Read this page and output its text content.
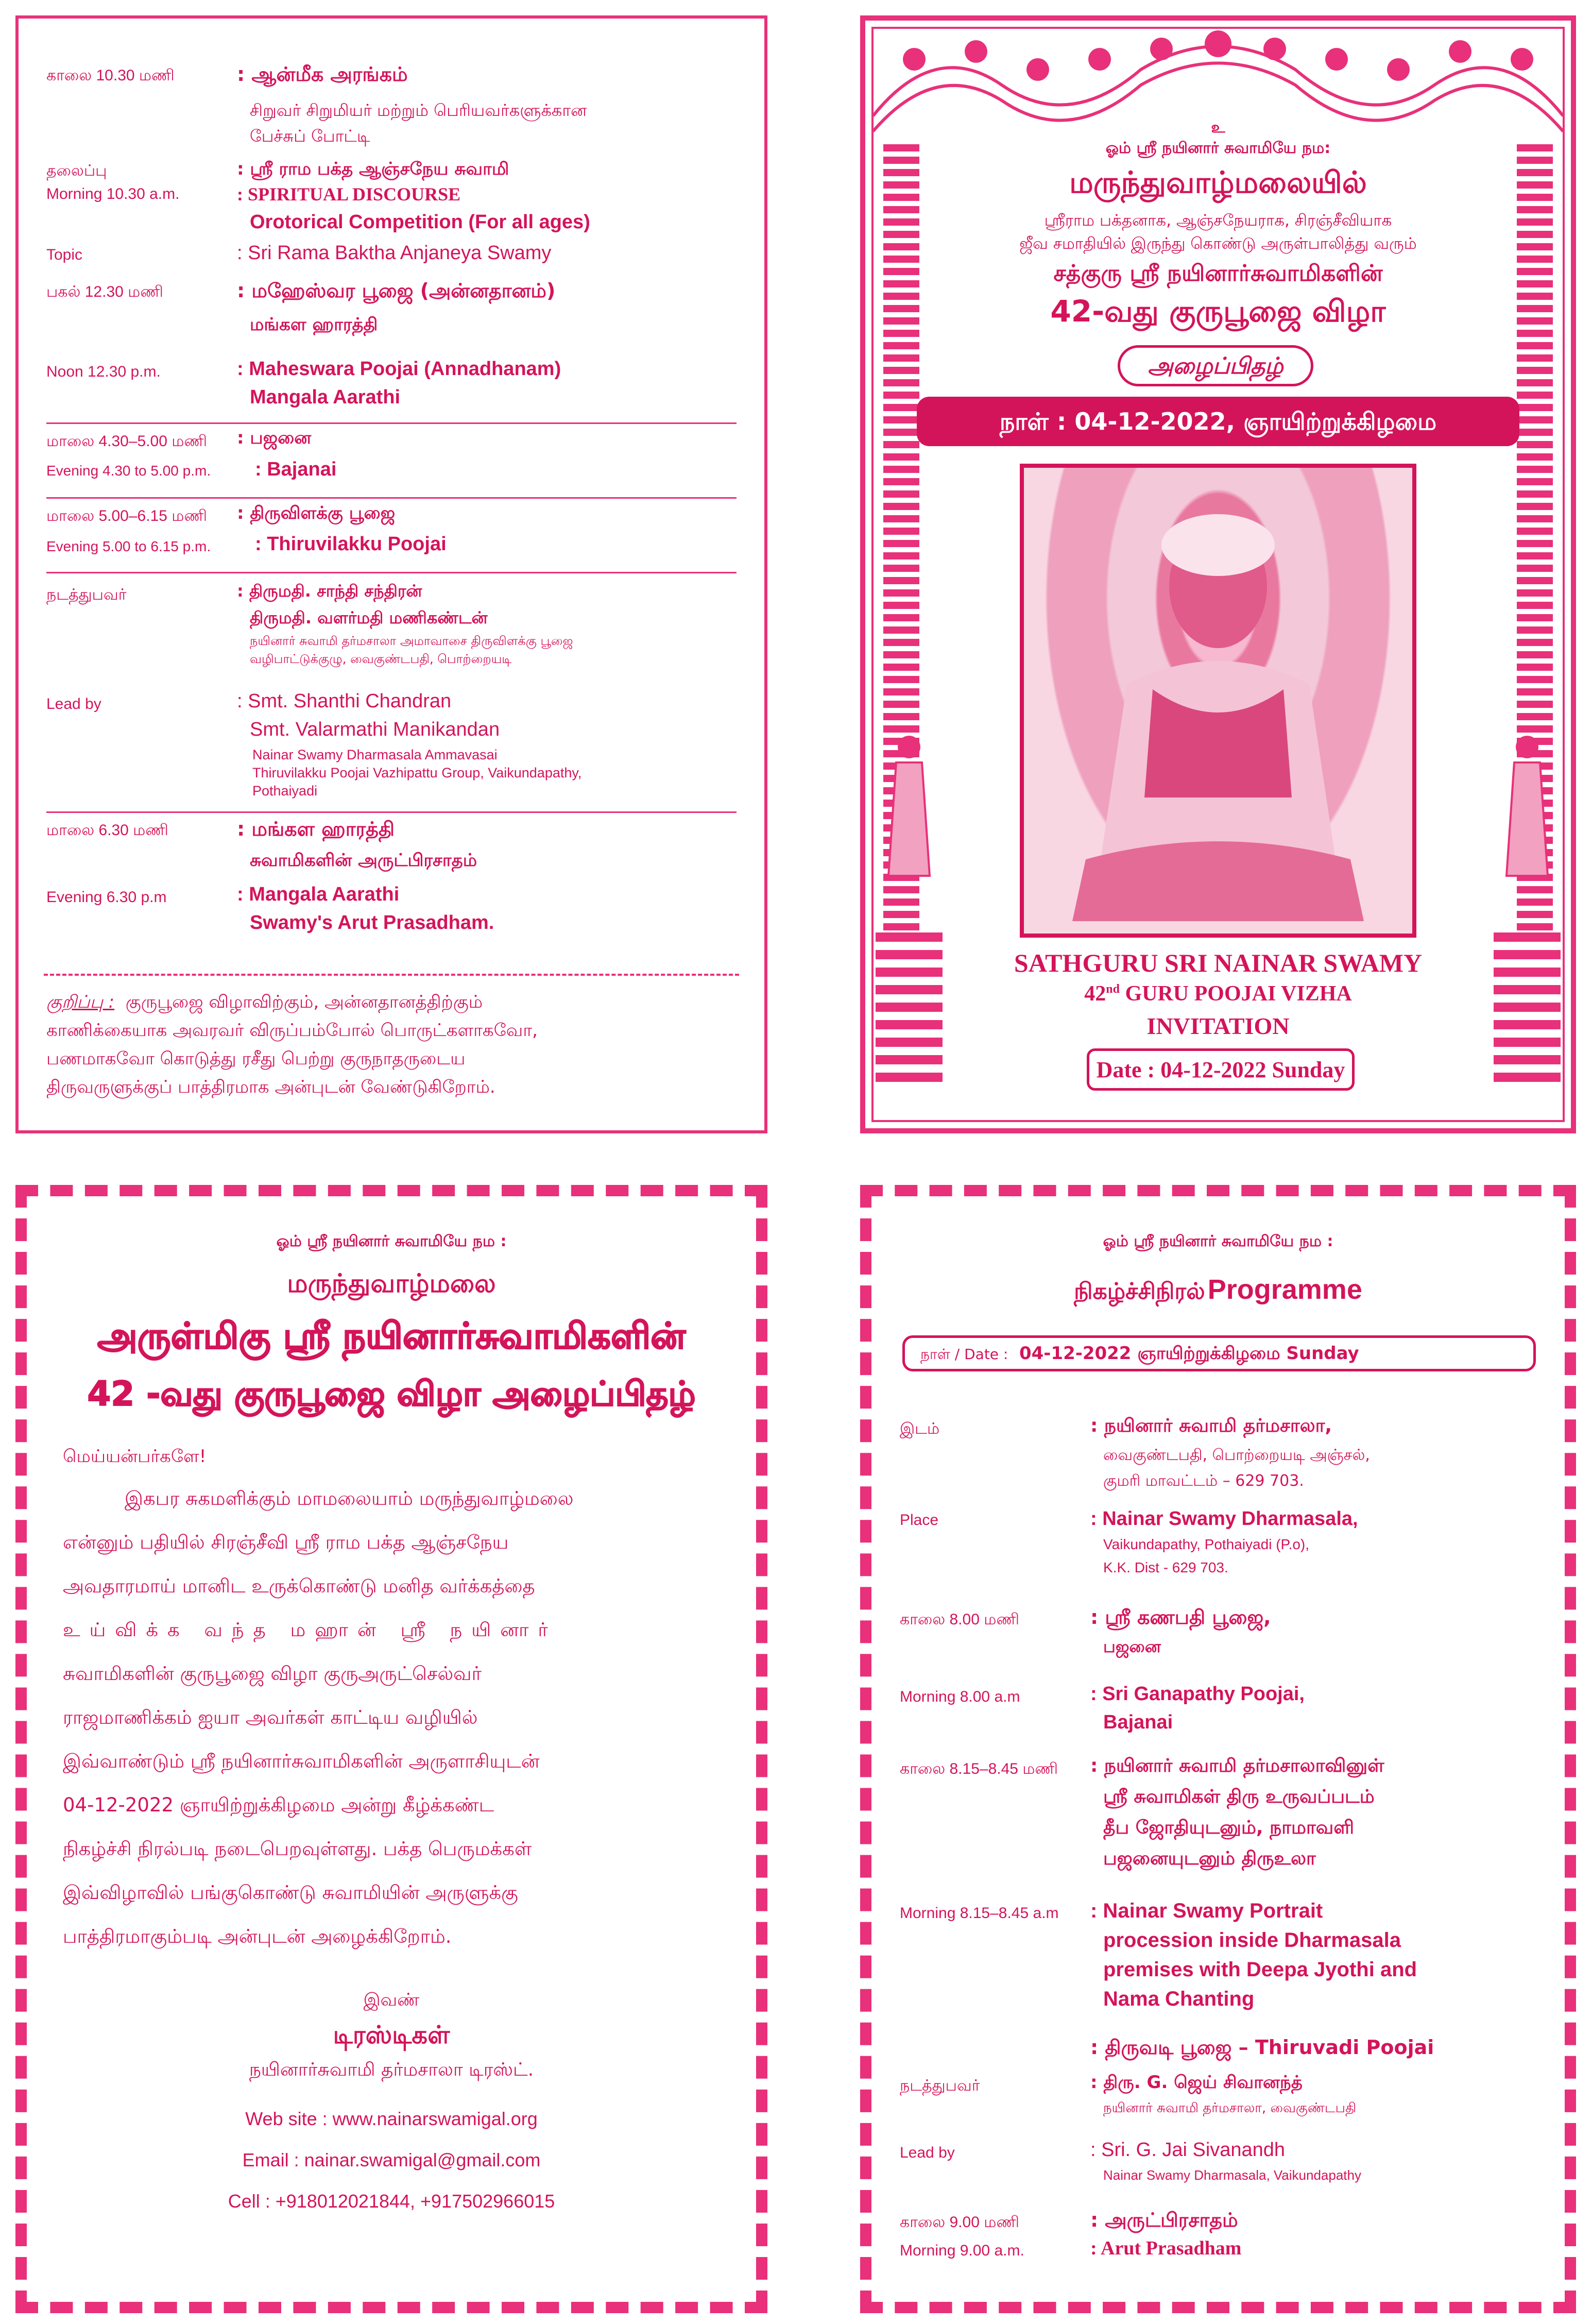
காலை 10.30 மணி	: ஆன்மீக அரங்கம்
சிறுவர் சிறுமியர் மற்றும் பெரியவர்களுக்கான
பேச்சுப் போட்டி
தலைப்பு	: ஸ்ரீ ராம பக்த ஆஞ்சநேய சுவாமி
Morning 10.30 a.m.	: SPIRITUAL DISCOURSE
Orotorical Competition (For all ages)
Topic	: Sri Rama Baktha Anjaneya Swamy
பகல் 12.30 மணி	: மஹேஸ்வர பூஜை (அன்னதானம்)
மங்கள ஹாரத்தி
Noon 12.30 p.m.	: Maheswara Poojai (Annadhanam)
Mangala Aarathi
மாலை 4.30–5.00 மணி : பஜனை
Evening 4.30 to 5.00 p.m. : Bajanai
மாலை 5.00–6.15 மணி : திருவிளக்கு பூஜை
Evening 5.00 to 6.15 p.m. : Thiruvilakku Poojai
நடத்துபவர்	: திருமதி. சாந்தி சந்திரன்
திருமதி. வளர்மதி மணிகண்டன்
நயினார் சுவாமி தர்மசாலா அமாவாசை திருவிளக்கு பூஜை
வழிபாட்டுக்குழு, வைகுண்டபதி, பொற்றையடி
Lead by	: Smt. Shanthi Chandran
Smt. Valarmathi Manikandan
Nainar Swamy Dharmasala Ammavasai
Thiruvilakku Poojai Vazhipattu Group, Vaikundapathy,
Pothaiyadi
மாலை 6.30 மணி	: மங்கள ஹாரத்தி
சுவாமிகளின் அருட்பிரசாதம்
Evening 6.30 p.m	: Mangala Aarathi
Swamy's Arut Prasadham.
குறிப்பு : குருபூஜை விழாவிற்கும், அன்னதானத்திற்கும்
காணிக்கையாக அவரவர் விருப்பம்போல் பொருட்களாகவோ,
பணமாகவோ கொடுத்து ரசீது பெற்று குருநாதருடைய
திருவருளுக்குப் பாத்திரமாக அன்புடன் வேண்டுகிறோம்.
உ
ஓம் ஸ்ரீ நயினார் சுவாமியே நம:
மருந்துவாழ்மலையில்
ஸ்ரீராம பக்தனாக, ஆஞ்சநேயராக, சிரஞ்சீவியாக
ஜீவ சமாதியில் இருந்து கொண்டு அருள்பாலித்து வரும்
சத்குரு ஸ்ரீ நயினார்சுவாமிகளின்
42-வது குருபூஜை விழா
அழைப்பிதழ்
நாள் : 04-12-2022, ஞாயிற்றுக்கிழமை
SATHGURU SRI NAINAR SWAMY
42nd GURU POOJAI VIZHA
INVITATION
Date : 04-12-2022 Sunday
ஓம் ஸ்ரீ நயினார் சுவாமியே நம :
மருந்துவாழ்மலை
அருள்மிகு ஸ்ரீ நயினார்சுவாமிகளின்
42 -வது குருபூஜை விழா அழைப்பிதழ்
மெய்யன்பர்களே!
இகபர சுகமளிக்கும் மாமலையாம் மருந்துவாழ்மலை
என்னும் பதியில் சிரஞ்சீவி ஸ்ரீ ராம பக்த ஆஞ்சநேய
அவதாரமாய் மானிட உருக்கொண்டு மனித வர்க்கத்தை
உய்விக்க வந்த மஹான் ஸ்ரீ நயினார்
சுவாமிகளின் குருபூஜை விழா குருஅருட்செல்வர்
ராஜமாணிக்கம் ஐயா அவர்கள் காட்டிய வழியில்
இவ்வாண்டும் ஸ்ரீ நயினார்சுவாமிகளின் அருளாசியுடன்
04-12-2022 ஞாயிற்றுக்கிழமை அன்று கீழ்க்கண்ட
நிகழ்ச்சி நிரல்படி நடைபெறவுள்ளது. பக்த பெருமக்கள்
இவ்விழாவில் பங்குகொண்டு சுவாமியின் அருளுக்கு
பாத்திரமாகும்படி அன்புடன் அழைக்கிறோம்.
இவண்
டிரஸ்டிகள்
நயினார்சுவாமி தர்மசாலா டிரஸ்ட்.
Web site : www.nainarswamigal.org
Email : nainar.swamigal@gmail.com
Cell : +918012021844, +917502966015
ஓம் ஸ்ரீ நயினார் சுவாமியே நம :
நிகழ்ச்சிநிரல் Programme
நாள் / Date : 04-12-2022 ஞாயிற்றுக்கிழமை Sunday
இடம்	: நயினார் சுவாமி தர்மசாலா,
வைகுண்டபதி, பொற்றையடி அஞ்சல்,
குமரி மாவட்டம் – 629 703.
Place	: Nainar Swamy Dharmasala,
Vaikundapathy, Pothaiyadi (P.o),
K.K. Dist - 629 703.
காலை 8.00 மணி	: ஸ்ரீ கணபதி பூஜை,
பஜனை
Morning 8.00 a.m	: Sri Ganapathy Poojai,
Bajanai
காலை 8.15–8.45 மணி : நயினார் சுவாமி தர்மசாலாவினுள்
ஸ்ரீ சுவாமிகள் திரு உருவப்படம்
தீப ஜோதியுடனும், நாமாவளி
பஜனையுடனும் திருஉலா
Morning 8.15–8.45 a.m : Nainar Swamy Portrait
procession inside Dharmasala
premises with Deepa Jyothi and
Nama Chanting
: திருவடி பூஜை – Thiruvadi Poojai
நடத்துபவர்	: திரு. G. ஜெய் சிவானந்த்
நயினார் சுவாமி தர்மசாலா, வைகுண்டபதி
Lead by	: Sri. G. Jai Sivanandh
Nainar Swamy Dharmasala, Vaikundapathy
காலை 9.00 மணி	: அருட்பிரசாதம்
Morning 9.00 a.m.	: Arut Prasadham
